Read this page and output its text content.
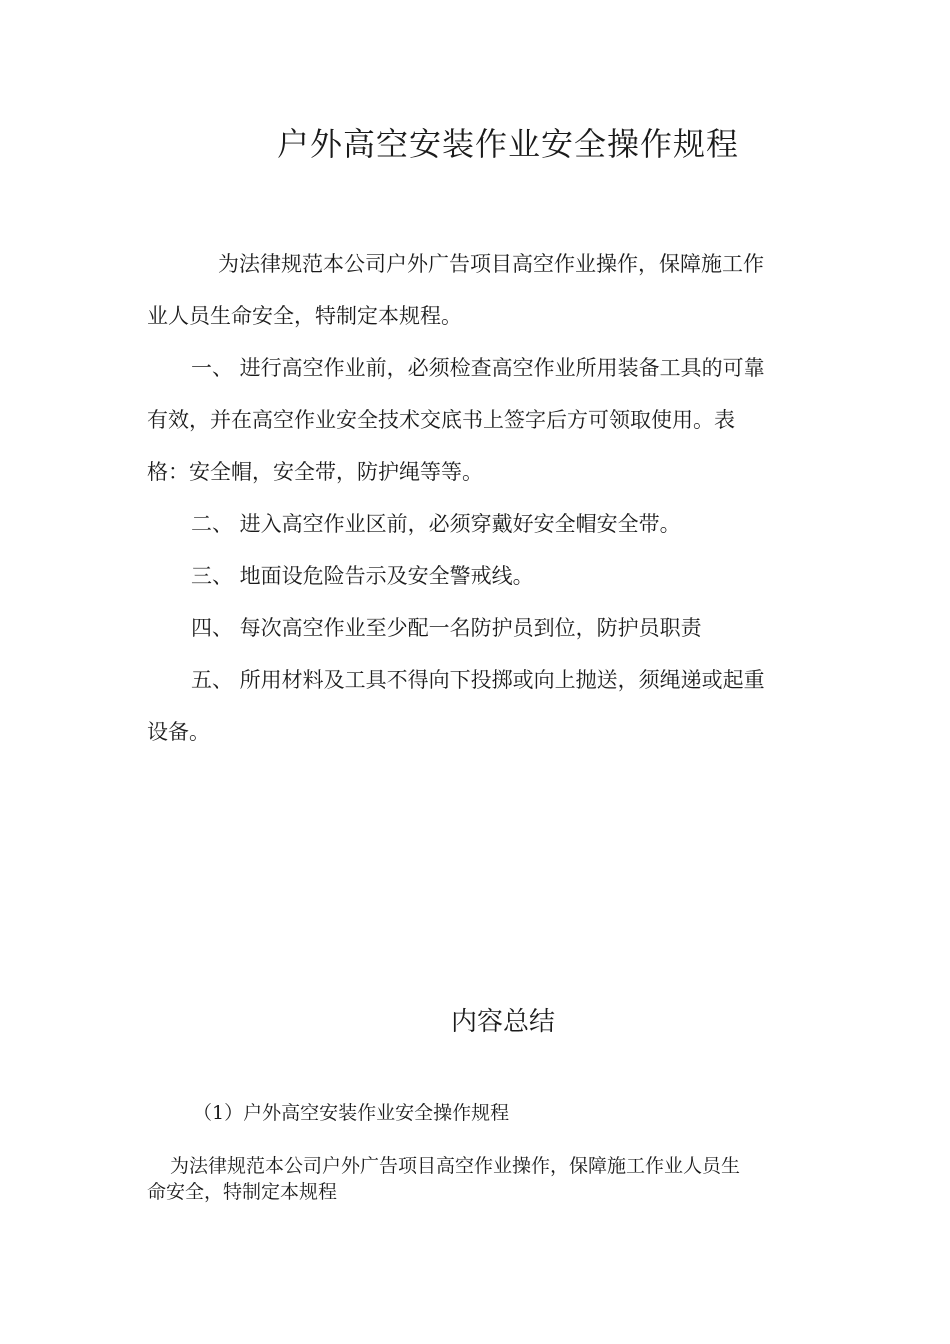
户外高空安装作业安全操作规程
为法律规范本公司户外广告项目高空作业操作，保障施工作
业人员生命安全，特制定本规程。
一、 进行高空作业前，必须检查高空作业所用装备工具的可靠
有效，并在高空作业安全技术交底书上签字后方可领取使用。表
格：安全帽，安全带，防护绳等等。
二、 进入高空作业区前，必须穿戴好安全帽安全带。
三、 地面设危险告示及安全警戒线。
四、 每次高空作业至少配一名防护员到位，防护员职责
五、 所用材料及工具不得向下投掷或向上抛送，须绳递或起重
设备。
内容总结
（1）户外高空安装作业安全操作规程
为法律规范本公司户外广告项目高空作业操作，保障施工作业人员生
命安全，特制定本规程
